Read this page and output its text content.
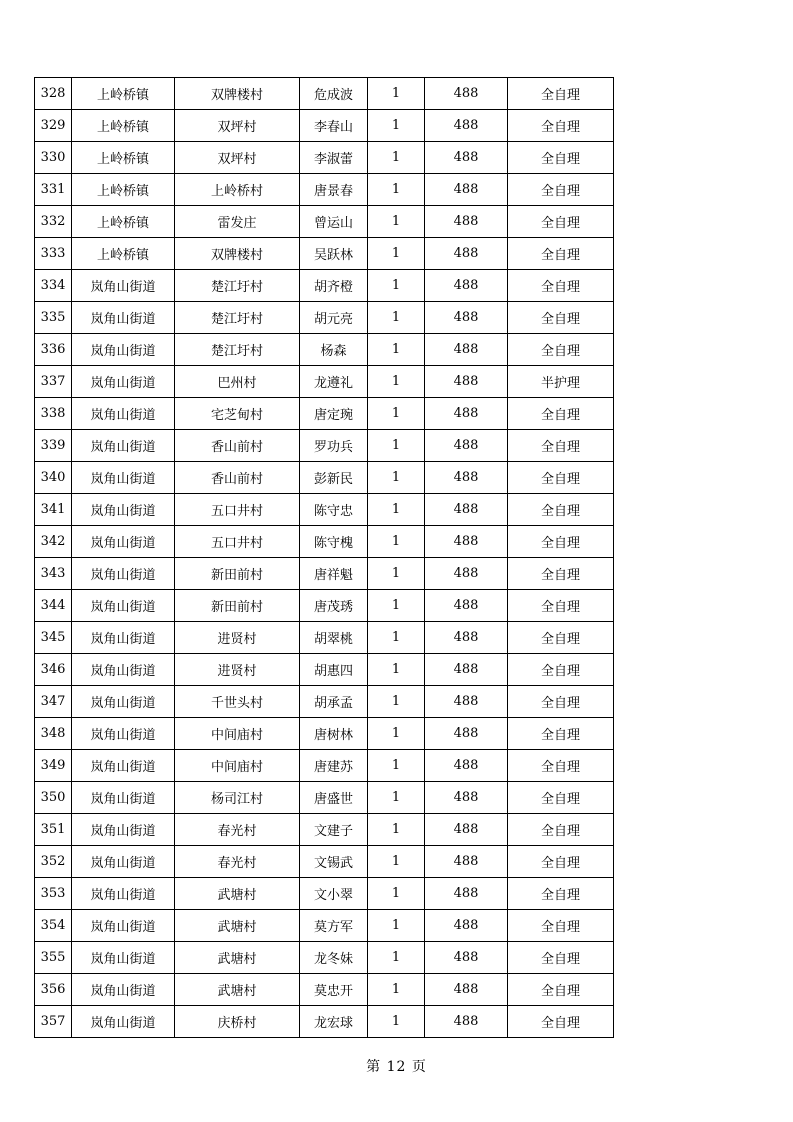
328	上岭桥镇	双牌楼村	危成波	1	488	全自理
329	上岭桥镇	双坪村	李春山	1	488	全自理
330	上岭桥镇	双坪村	李淑蕾	1	488	全自理
331	上岭桥镇	上岭桥村	唐景春	1	488	全自理
332	上岭桥镇	雷发庄	曾运山	1	488	全自理
333	上岭桥镇	双牌楼村	吴跃林	1	488	全自理
334	岚角山街道	楚江圩村	胡齐橙	1	488	全自理
335	岚角山街道	楚江圩村	胡元亮	1	488	全自理
336	岚角山街道	楚江圩村	杨森	1	488	全自理
337	岚角山街道	巴州村	龙遵礼	1	488	半护理
338	岚角山街道	宅芝甸村	唐定琬	1	488	全自理
339	岚角山街道	香山前村	罗功兵	1	488	全自理
340	岚角山街道	香山前村	彭新民	1	488	全自理
341	岚角山街道	五口井村	陈守忠	1	488	全自理
342	岚角山街道	五口井村	陈守槐	1	488	全自理
343	岚角山街道	新田前村	唐祥魁	1	488	全自理
344	岚角山街道	新田前村	唐茂琇	1	488	全自理
345	岚角山街道	进贤村	胡翠桃	1	488	全自理
346	岚角山街道	进贤村	胡惠四	1	488	全自理
347	岚角山街道	千世头村	胡承孟	1	488	全自理
348	岚角山街道	中间庙村	唐树林	1	488	全自理
349	岚角山街道	中间庙村	唐建苏	1	488	全自理
350	岚角山街道	杨司江村	唐盛世	1	488	全自理
351	岚角山街道	春光村	文建子	1	488	全自理
352	岚角山街道	春光村	文锡武	1	488	全自理
353	岚角山街道	武塘村	文小翠	1	488	全自理
354	岚角山街道	武塘村	莫方军	1	488	全自理
355	岚角山街道	武塘村	龙冬妹	1	488	全自理
356	岚角山街道	武塘村	莫忠开	1	488	全自理
357	岚角山街道	庆桥村	龙宏球	1	488	全自理
第 12 页
